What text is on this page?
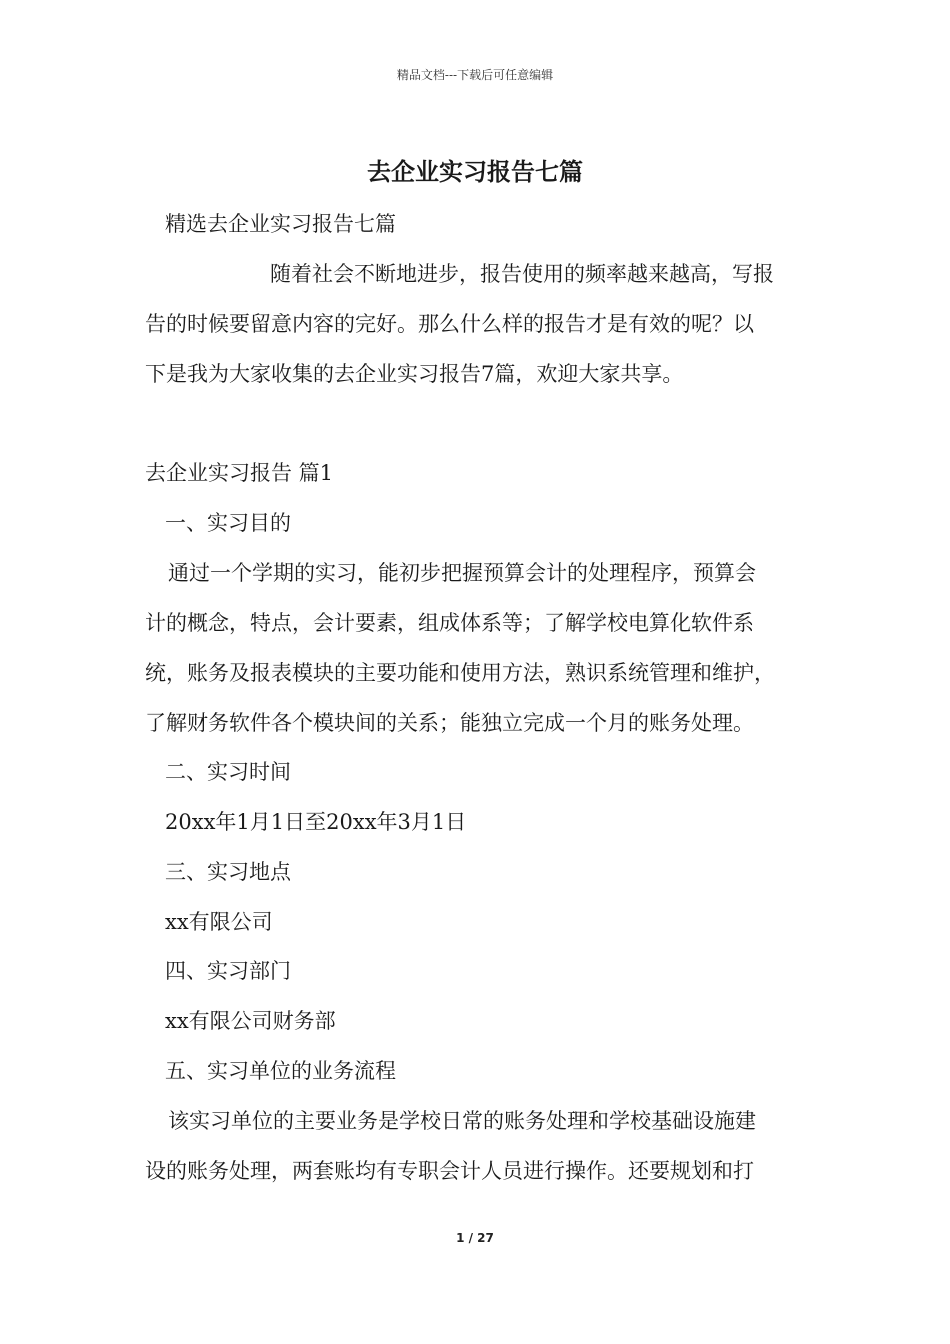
精品文档---下载后可任意编辑
去企业实习报告七篇

精选去企业实习报告七篇

随着社会不断地进步，报告使用的频率越来越高，写报

告的时候要留意内容的完好。那么什么样的报告才是有效的呢？以

下是我为大家收集的去企业实习报告7篇，欢迎大家共享。

去企业实习报告 篇1

一、实习目的

通过一个学期的实习，能初步把握预算会计的处理程序，预算会

计的概念，特点，会计要素，组成体系等；了解学校电算化软件系

统，账务及报表模块的主要功能和使用方法，熟识系统管理和维护，

了解财务软件各个模块间的关系；能独立完成一个月的账务处理。

二、实习时间

20xx年1月1日至20xx年3月1日

三、实习地点

xx有限公司

四、实习部门

xx有限公司财务部

五、实习单位的业务流程

该实习单位的主要业务是学校日常的账务处理和学校基础设施建

设的账务处理，两套账均有专职会计人员进行操作。还要规划和打

1 / 27
